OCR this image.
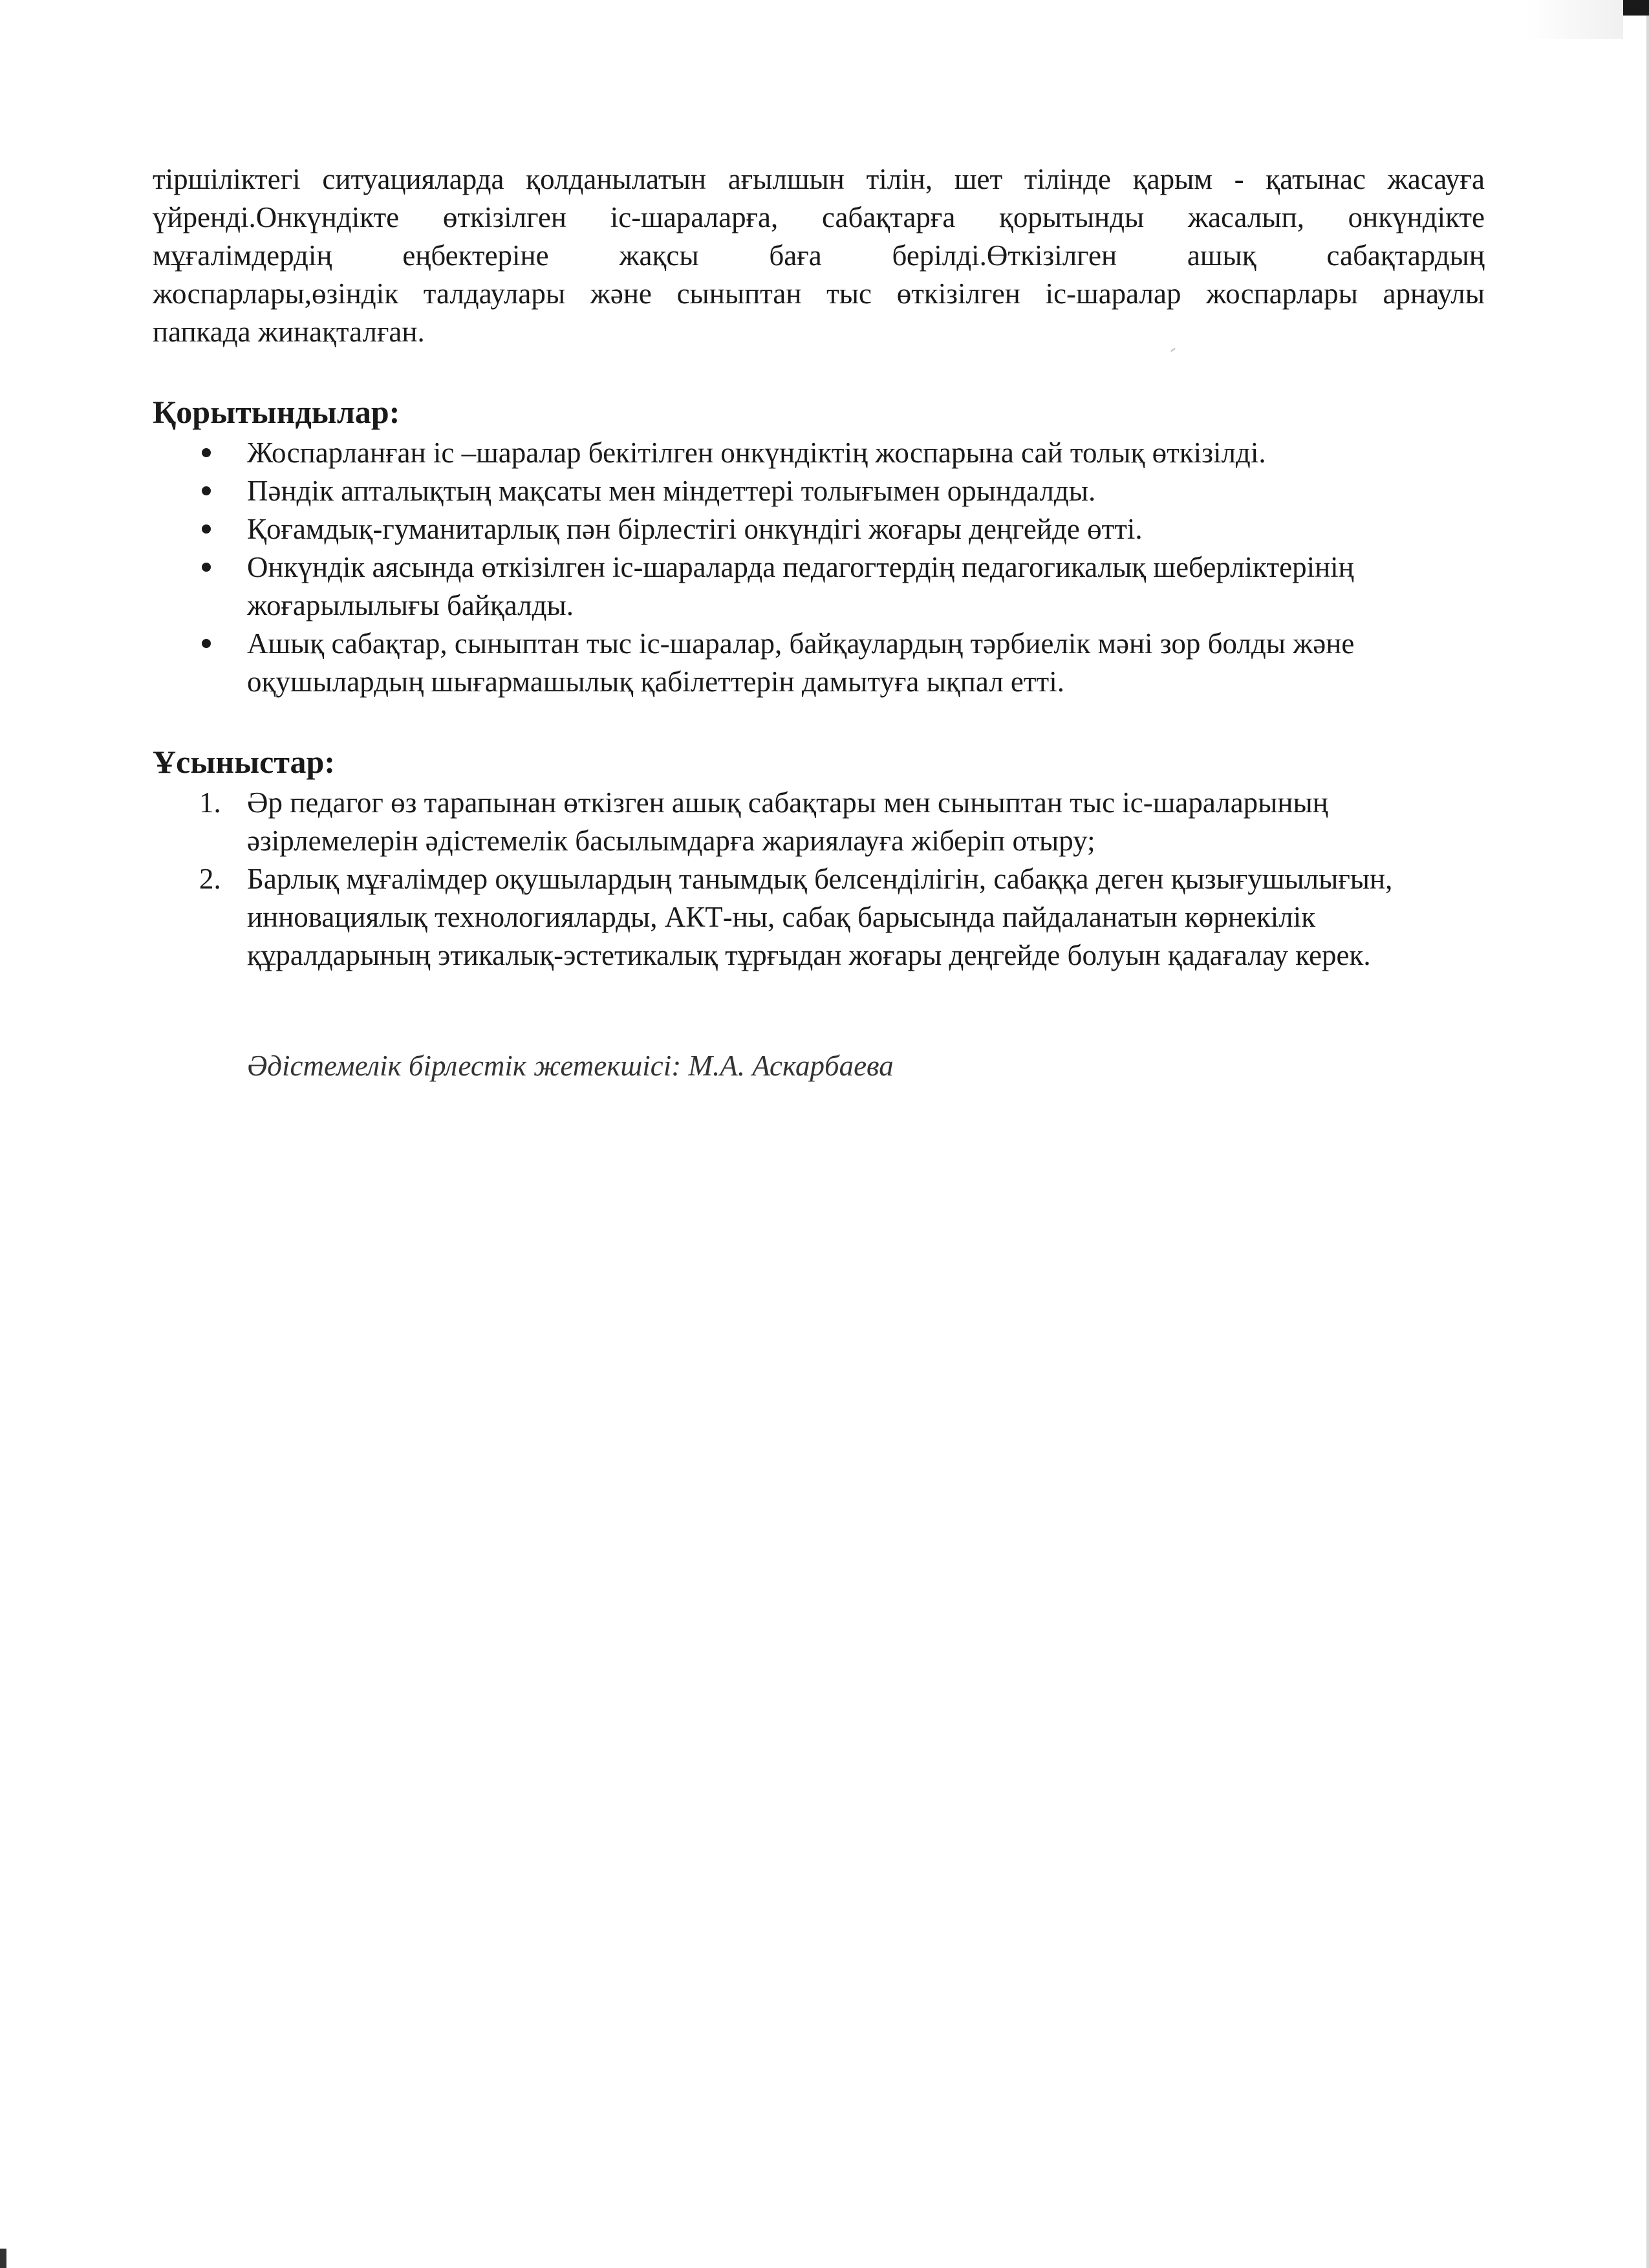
тіршіліктегі ситуацияларда қолданылатын ағылшын тілін, шет тілінде қарым - қатынас жасауға
үйренді.Онкүндікте өткізілген іс-шараларға, сабақтарға қорытынды жасалып, онкүндікте
мұғалімдердің еңбектеріне жақсы баға берілді.Өткізілген ашық сабақтардың
жоспарлары,өзіндік талдаулары және сыныптан тыс өткізілген іс-шаралар жоспарлары арнаулы
папкада жинақталған.

Қорытындылар:
Жоспарланған іс –шаралар бекітілген онкүндіктің жоспарына сай толық өткізілді.
Пәндік апталықтың мақсаты мен міндеттері толығымен орындалды.
Қоғамдық-гуманитарлық пән бірлестігі онкүндігі жоғары деңгейде өтті.
Онкүндік аясында өткізілген іс-шараларда педагогтердің педагогикалық шеберліктерінің жоғарылылығы байқалды.
Ашық сабақтар, сыныптан тыс іс-шаралар, байқаулардың тәрбиелік мәні зор болды және оқушылардың шығармашылық қабілеттерін дамытуға ықпал етті.
Ұсыныстар:
1. Әр педагог өз тарапынан өткізген ашық сабақтары мен сыныптан тыс іс-шараларының әзірлемелерін әдістемелік басылымдарға жариялауға жіберіп отыру;
2. Барлық мұғалімдер оқушылардың танымдық белсенділігін, сабаққа деген қызығушылығын, инновациялық технологияларды, АКТ-ны, сабақ барысында пайдаланатын көрнекілік құралдарының этикалық-эстетикалық тұрғыдан жоғары деңгейде болуын қадағалау керек.

Әдістемелік бірлестік жетекшісі: М.А. Аскарбаева
